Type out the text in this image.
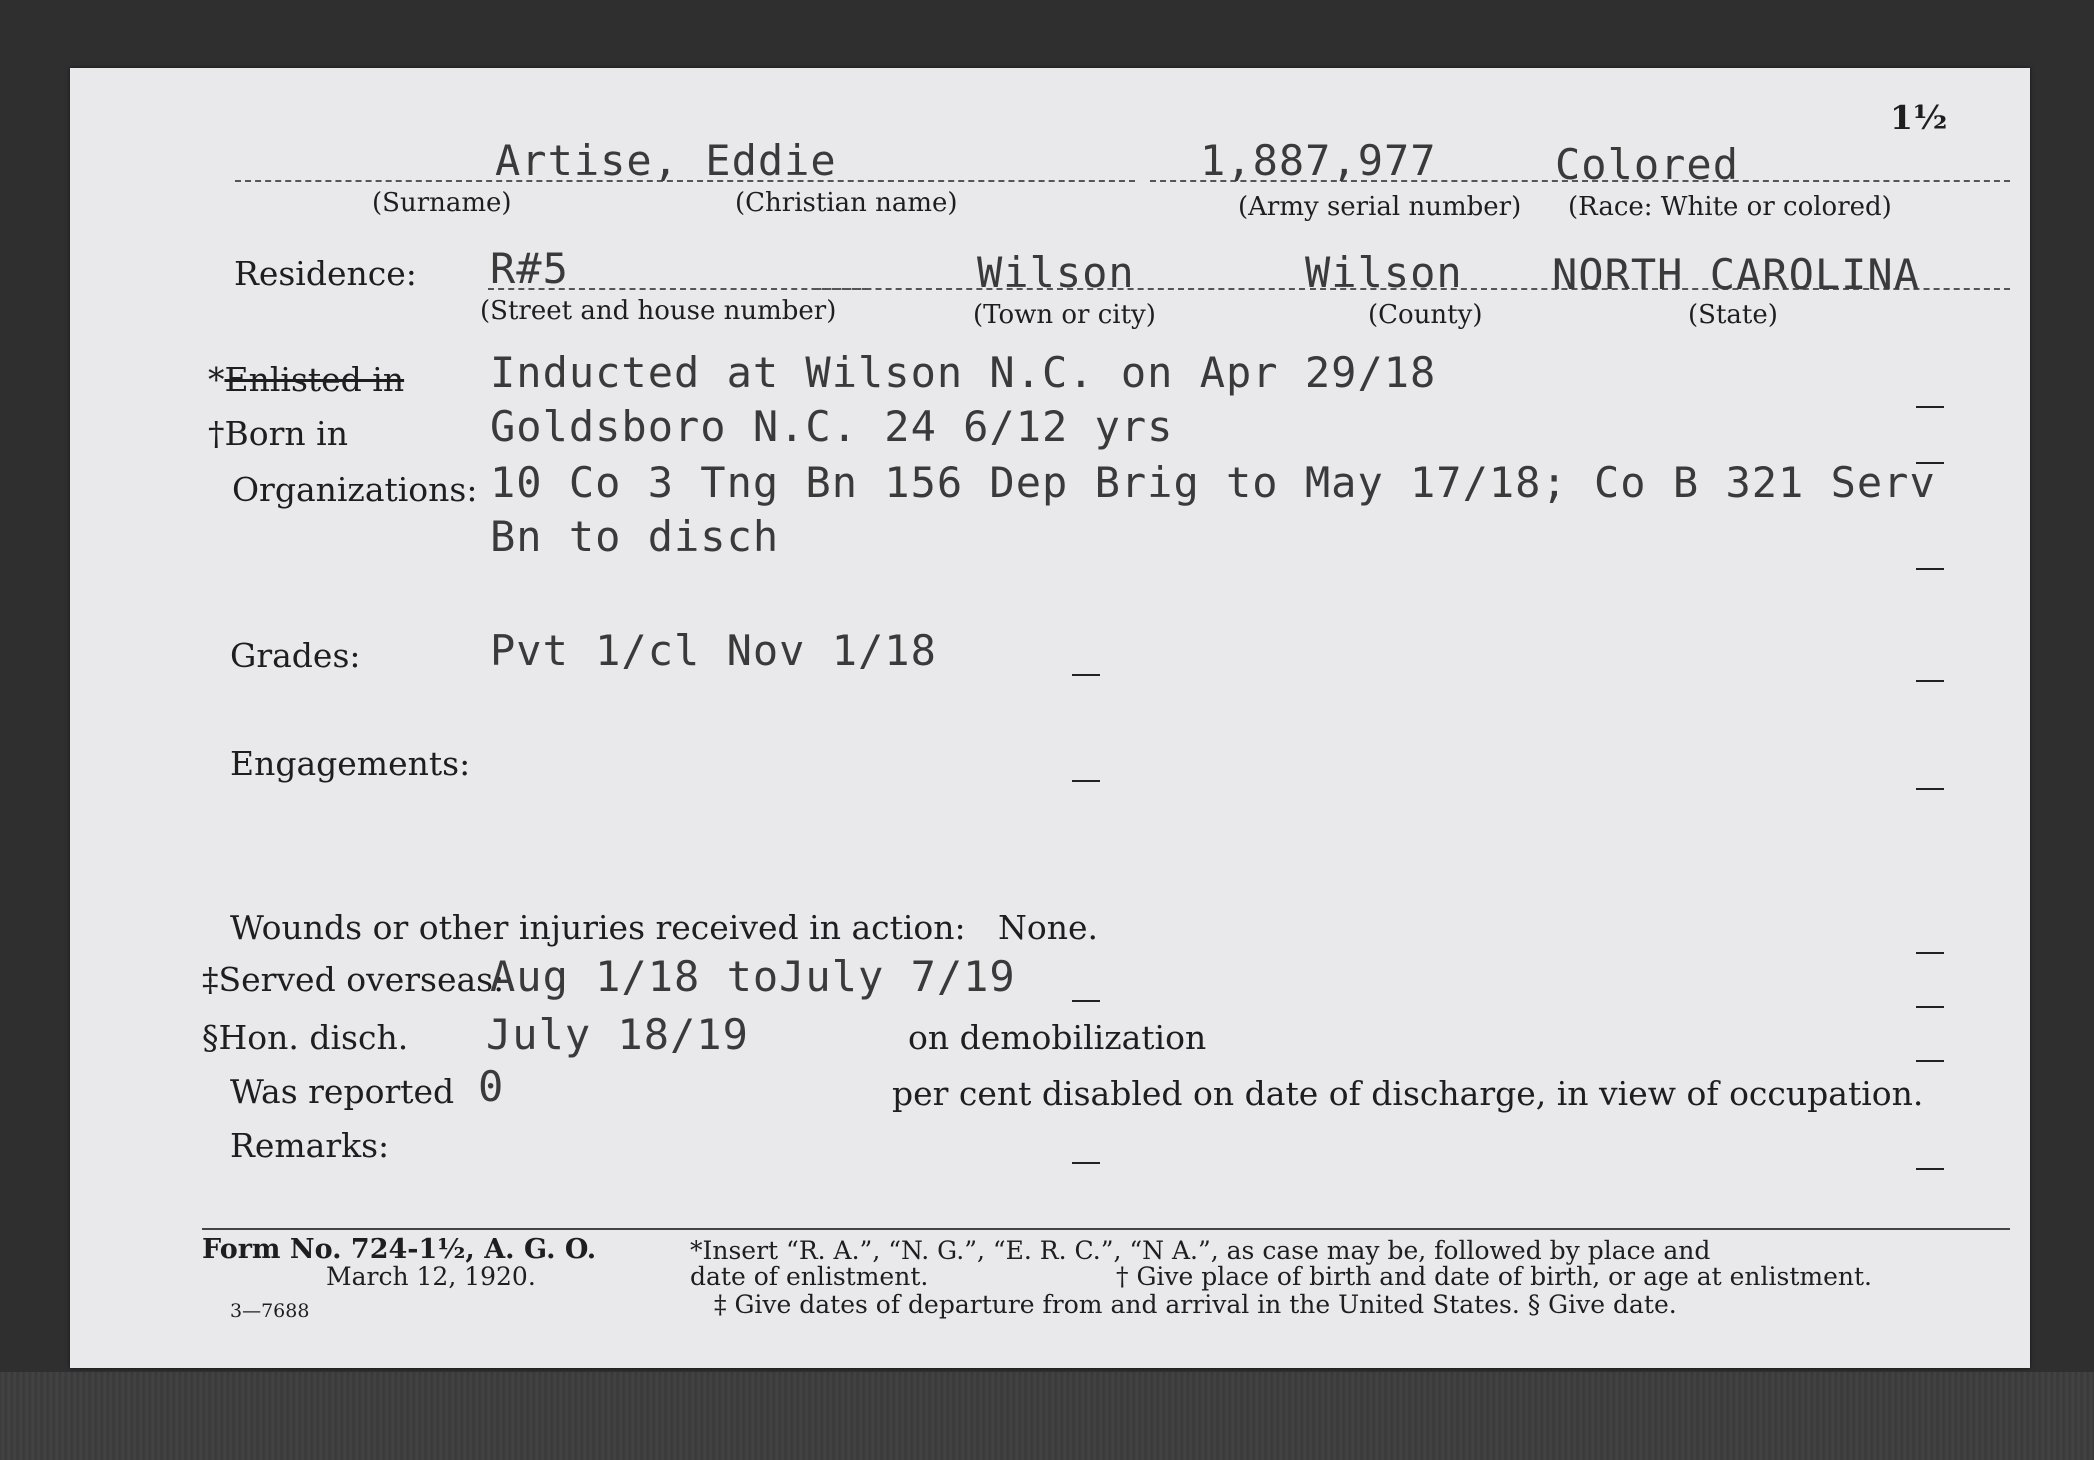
1½
Artise, Eddie	1,887,977	Colored
(Surname)	(Christian name)	(Army serial number) (Race: White or colored)
Residence: R#5	Wilson	Wilson NORTH CAROLINA
(Street and house number)	(Town or city)	(County)	(State)
*Enlisted in Inducted at Wilson N.C. on Apr 29/18
†Born in	Goldsboro N.C. 24 6/12 yrs
Organizations: 10 Co 3 Tng Bn 156 Dep Brig to May 17/18; Co B 321 Serv
Bn to disch
Grades:	Pvt 1/cl Nov 1/18
Engagements:
Wounds or other injuries received in action: None.
‡Served overseas:
Aug 1/18 toJuly 7/19
§Hon. disch. July 18/19	on demobilization
Was reported 0	per cent disabled on date of discharge, in view of occupation.
Remarks:
Form No. 724-1½, A. G. O.
March 12, 1920.
3—7688
*Insert “R. A.”, “N. G.”, “E. R. C.”, “N A.”, as case may be, followed by place and
date of enlistment.	† Give place of birth and date of birth, or age at enlistment.
‡ Give dates of departure from and arrival in the United States. § Give date.
